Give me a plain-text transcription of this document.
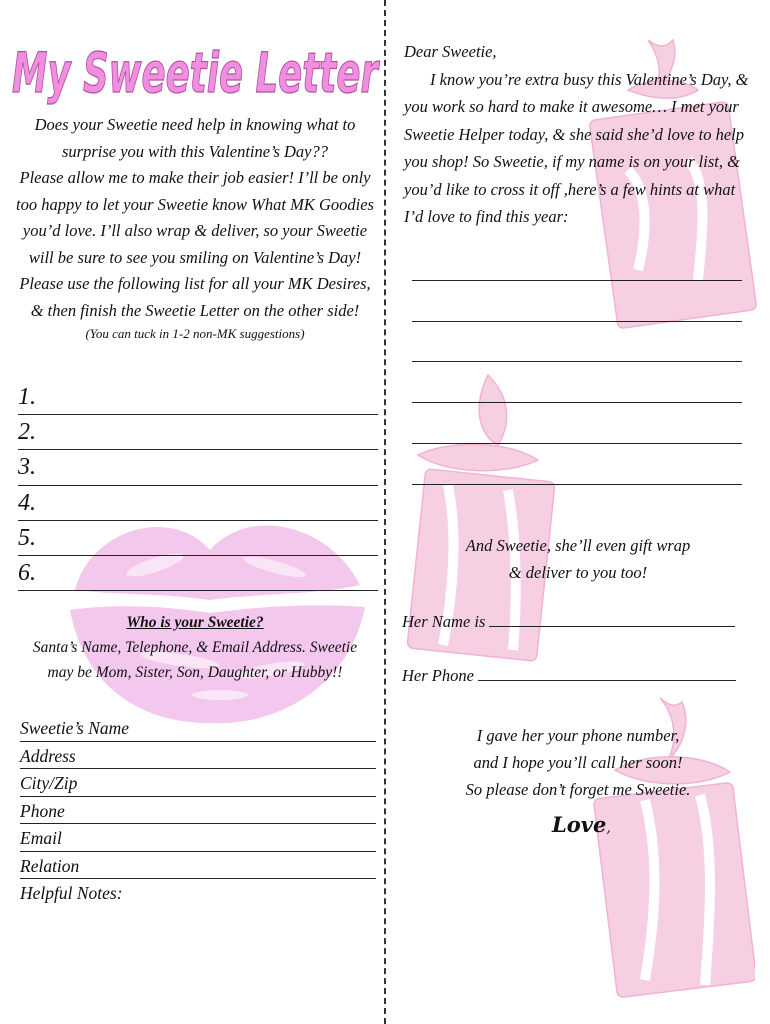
My Sweetie Letter
Does your Sweetie need help in knowing what to
surprise you with this Valentine’s Day??
Please allow me to make their job easier! I’ll be only
too happy to let your Sweetie know What MK Goodies
you’d love. I’ll also wrap & deliver, so your Sweetie
will be sure to see you smiling on Valentine’s Day!
Please use the following list for all your MK Desires,
& then finish the Sweetie Letter on the other side!
(You can tuck in 1-2 non-MK suggestions)
1.
2.
3.
4.
5.
6.
Who is your Sweetie?
Santa’s Name, Telephone, & Email Address. Sweetie
may be Mom, Sister, Son, Daughter, or Hubby!!
Sweetie’s Name
Address
City/Zip
Phone
Email
Relation
Helpful Notes:
Dear Sweetie,
I know you’re extra busy this Valentine’s Day, & you work so hard to make it awesome… I met your Sweetie Helper today, & she said she’d love to help you shop! So Sweetie, if my name is on your list, & you’d like to cross it off ,here’s a few hints at what I’d love to find this year:
And Sweetie, she’ll even gift wrap
& deliver to you too!
Her Name is
Her Phone
I gave her your phone number,
and I hope you’ll call her soon!
So please don’t forget me Sweetie.
Love,
